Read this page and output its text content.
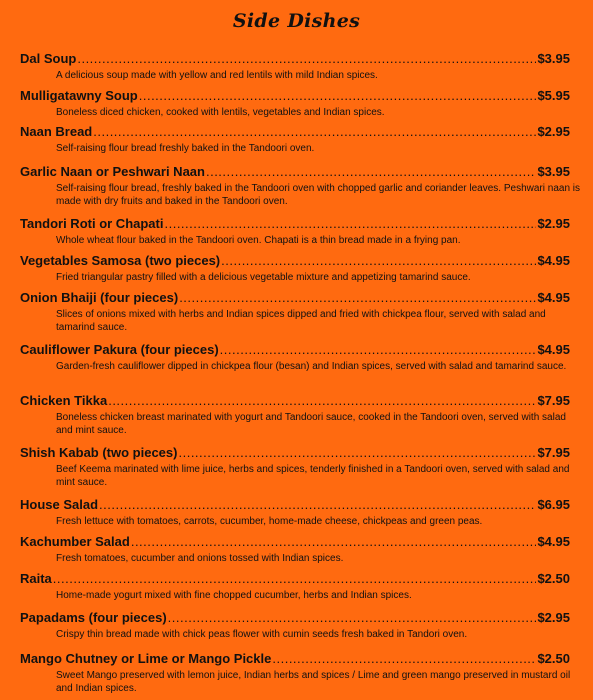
Side Dishes
Dal Soup .....	$3.95
A delicious soup made with yellow and red lentils with mild Indian spices.
Mulligatawny Soup .....	$5.95
Boneless diced chicken, cooked with lentils, vegetables and Indian spices.
Naan Bread .....	$2.95
Self-raising flour bread freshly baked in the Tandoori oven.
Garlic Naan or Peshwari Naan .....	$3.95
Self-raising flour bread, freshly baked in the Tandoori oven with chopped garlic and coriander leaves. Peshwari naan is made with dry fruits and baked in the Tandoori oven.
Tandori Roti or Chapati .....	$2.95
Whole wheat flour baked in the Tandoori oven. Chapati is a thin bread made in a frying pan.
Vegetables Samosa (two pieces) .....	$4.95
Fried triangular pastry filled with a delicious vegetable mixture and appetizing tamarind sauce.
Onion Bhaiji (four pieces) .....	$4.95
Slices of onions mixed with herbs and Indian spices dipped and fried with chickpea flour, served with salad and tamarind sauce.
Cauliflower Pakura (four pieces) .....	$4.95
Garden-fresh cauliflower dipped in chickpea flour (besan) and Indian spices, served with salad and tamarind sauce.
Chicken Tikka .....	$7.95
Boneless chicken breast marinated with yogurt and Tandoori sauce, cooked in the Tandoori oven, served with salad and mint sauce.
Shish Kabab (two pieces) .....	$7.95
Beef Keema marinated with lime juice, herbs and spices, tenderly finished in a Tandoori oven, served with salad and mint sauce.
House Salad .....	$6.95
Fresh lettuce with tomatoes, carrots, cucumber, home-made cheese, chickpeas and green peas.
Kachumber Salad .....	$4.95
Fresh tomatoes, cucumber and onions tossed with Indian spices.
Raita .....	$2.50
Home-made yogurt mixed with fine chopped cucumber, herbs and Indian spices.
Papadams (four pieces) .....	$2.95
Crispy thin bread made with chick peas flower with cumin seeds fresh baked in Tandori oven.
Mango Chutney or Lime or Mango Pickle .....	$2.50
Sweet Mango preserved with lemon juice, Indian herbs and spices / Lime and green mango preserved in mustard oil and Indian spices.
